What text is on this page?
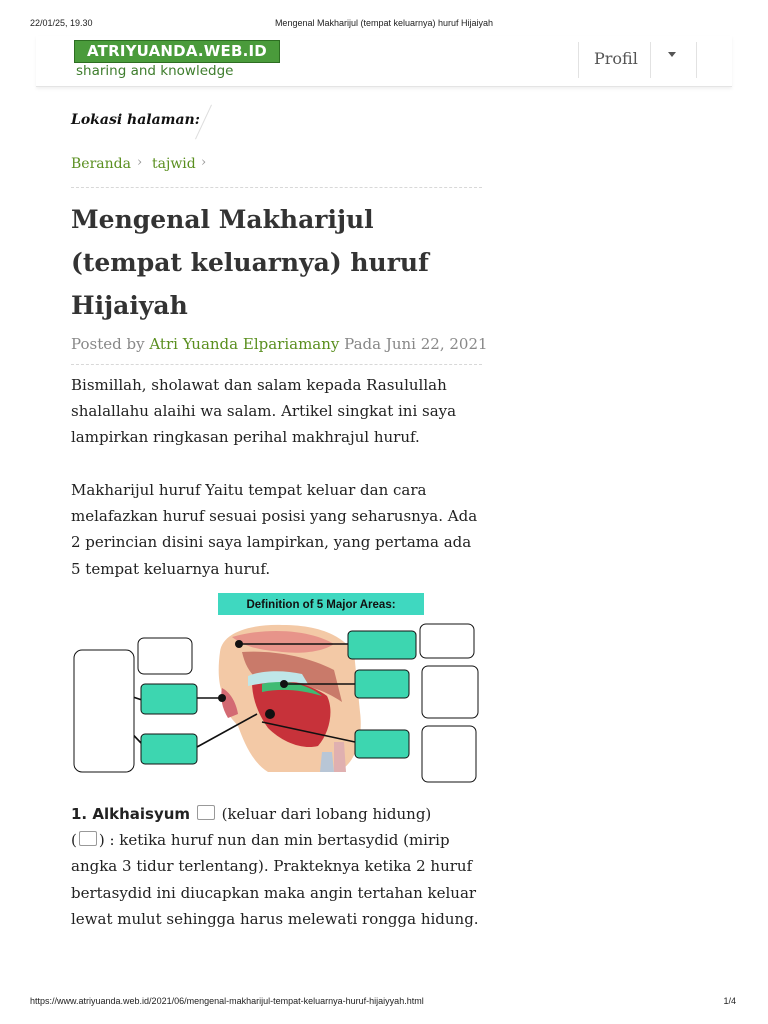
22/01/25, 19.30	Mengenal Makharijul (tempat keluarnya) huruf Hijaiyah
ATRIYUANDA.WEB.ID
sharing and knowledge
Profil
Lokasi halaman:
Beranda › tajwid ›
Mengenal Makharijul (tempat keluarnya) huruf Hijaiyah
Posted by Atri Yuanda Elpariamany Pada Juni 22, 2021

Bismillah, sholawat dan salam kepada Rasulullah shalallahu alaihi wa salam. Artikel singkat ini saya lampirkan ringkasan perihal makhrajul huruf.

Makharijul huruf Yaitu tempat keluar dan cara melafazkan huruf sesuai posisi yang seharusnya. Ada 2 perincian disini saya lampirkan, yang pertama ada 5 tempat keluarnya huruf.

Definition of 5 Major Areas:

1. Alkhaisyum (keluar dari lobang hidung)
( ) : ketika huruf nun dan min bertasydid (mirip angka 3 tidur terlentang). Prakteknya ketika 2 huruf bertasydid ini diucapkan maka angin tertahan keluar lewat mulut sehingga harus melewati rongga hidung.

https://www.atriyuanda.web.id/2021/06/mengenal-makharijul-tempat-keluarnya-huruf-hijaiyyah.html	1/4
